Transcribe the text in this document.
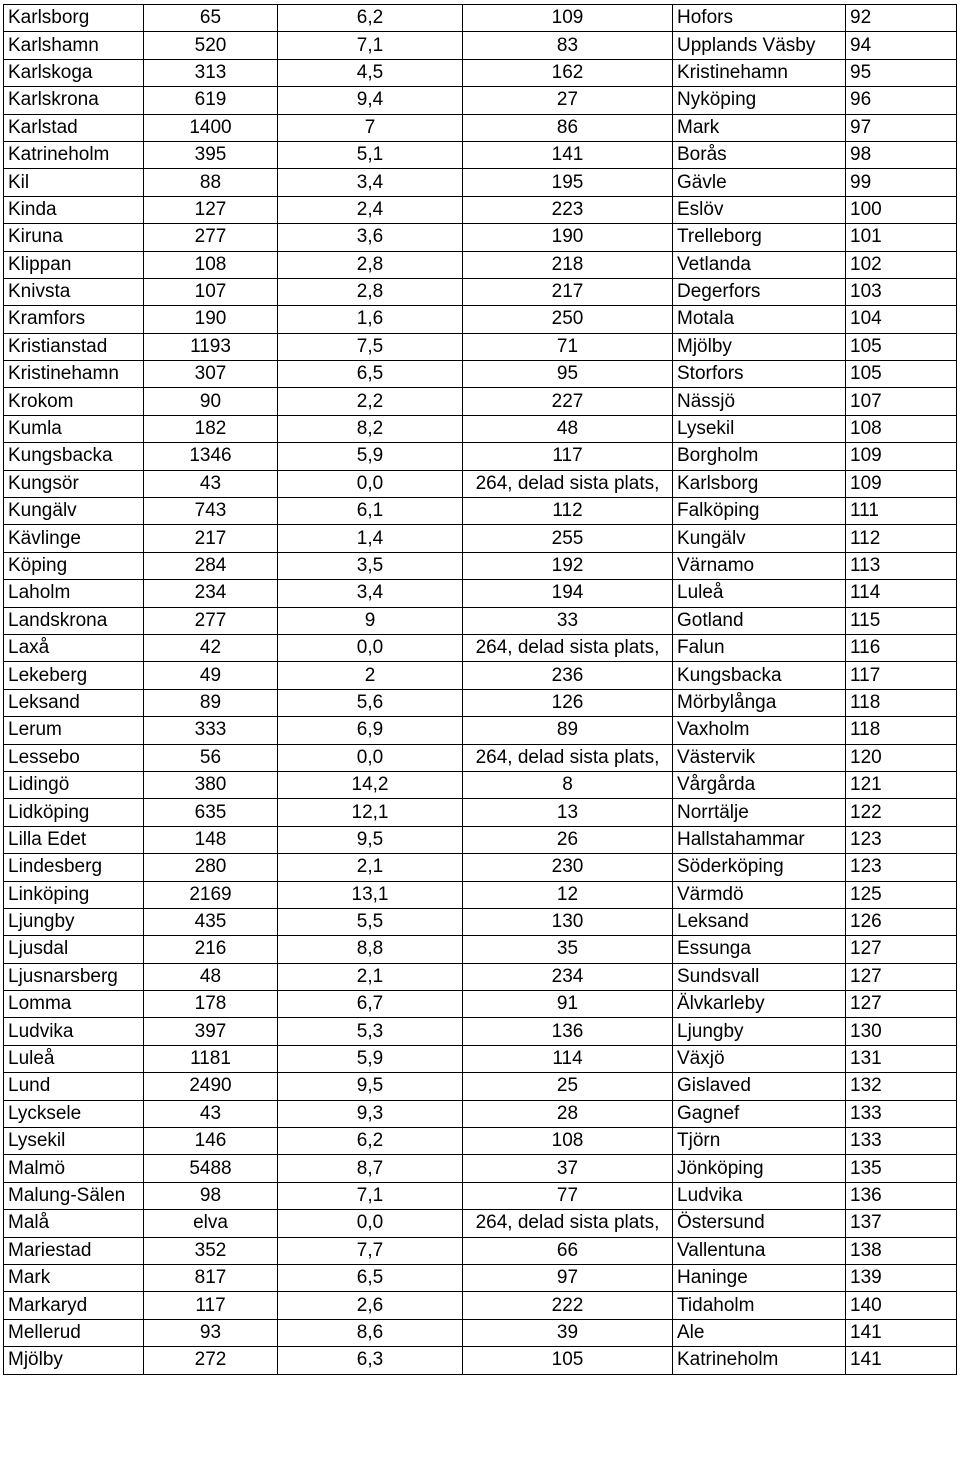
Karlsborg	65	6,2	109	Hofors	92
Karlshamn	520	7,1	83	Upplands Väsby	94
Karlskoga	313	4,5	162	Kristinehamn	95
Karlskrona	619	9,4	27	Nyköping	96
Karlstad	1400	7	86	Mark	97
Katrineholm	395	5,1	141	Borås	98
Kil	88	3,4	195	Gävle	99
Kinda	127	2,4	223	Eslöv	100
Kiruna	277	3,6	190	Trelleborg	101
Klippan	108	2,8	218	Vetlanda	102
Knivsta	107	2,8	217	Degerfors	103
Kramfors	190	1,6	250	Motala	104
Kristianstad	1193	7,5	71	Mjölby	105
Kristinehamn	307	6,5	95	Storfors	105
Krokom	90	2,2	227	Nässjö	107
Kumla	182	8,2	48	Lysekil	108
Kungsbacka	1346	5,9	117	Borgholm	109
Kungsör	43	0,0	264, delad sista plats,	Karlsborg	109
Kungälv	743	6,1	112	Falköping	111
Kävlinge	217	1,4	255	Kungälv	112
Köping	284	3,5	192	Värnamo	113
Laholm	234	3,4	194	Luleå	114
Landskrona	277	9	33	Gotland	115
Laxå	42	0,0	264, delad sista plats,	Falun	116
Lekeberg	49	2	236	Kungsbacka	117
Leksand	89	5,6	126	Mörbylånga	118
Lerum	333	6,9	89	Vaxholm	118
Lessebo	56	0,0	264, delad sista plats,	Västervik	120
Lidingö	380	14,2	8	Vårgårda	121
Lidköping	635	12,1	13	Norrtälje	122
Lilla Edet	148	9,5	26	Hallstahammar	123
Lindesberg	280	2,1	230	Söderköping	123
Linköping	2169	13,1	12	Värmdö	125
Ljungby	435	5,5	130	Leksand	126
Ljusdal	216	8,8	35	Essunga	127
Ljusnarsberg	48	2,1	234	Sundsvall	127
Lomma	178	6,7	91	Älvkarleby	127
Ludvika	397	5,3	136	Ljungby	130
Luleå	1181	5,9	114	Växjö	131
Lund	2490	9,5	25	Gislaved	132
Lycksele	43	9,3	28	Gagnef	133
Lysekil	146	6,2	108	Tjörn	133
Malmö	5488	8,7	37	Jönköping	135
Malung-Sälen	98	7,1	77	Ludvika	136
Malå	elva	0,0	264, delad sista plats,	Östersund	137
Mariestad	352	7,7	66	Vallentuna	138
Mark	817	6,5	97	Haninge	139
Markaryd	117	2,6	222	Tidaholm	140
Mellerud	93	8,6	39	Ale	141
Mjölby	272	6,3	105	Katrineholm	141
